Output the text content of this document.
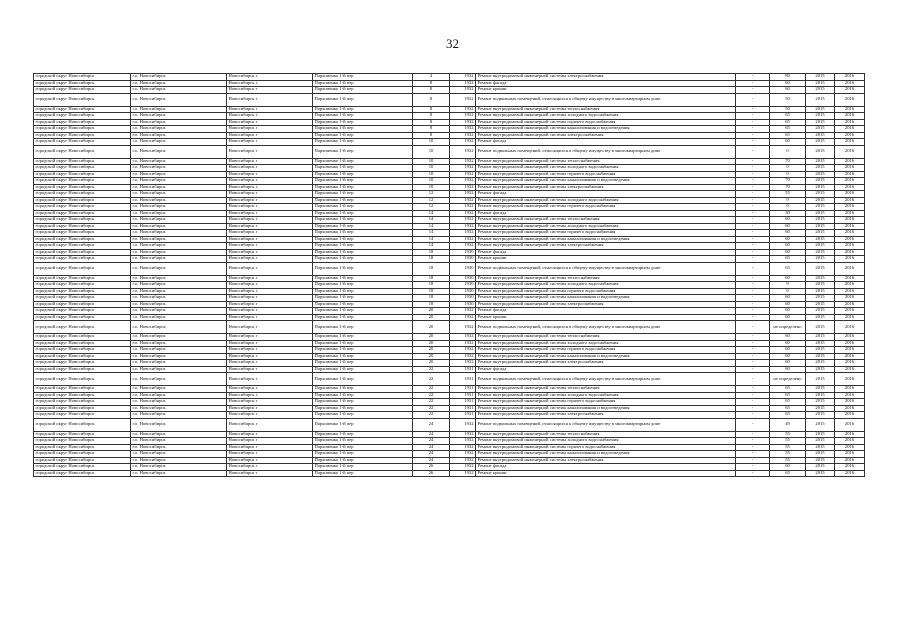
32
городской округ Новосибирск	г.о. Новосибирск	Новосибирск г	Пархоменко 1-й пер	4	1932	Ремонт внутридомовой инженерной системы электроснабжения	-	80	2015	2016
городской округ Новосибирск	г.о. Новосибирск	Новосибирск г	Пархоменко 1-й пер	8	1932	Ремонт фасада	-	60	2015	2016
городской округ Новосибирск	г.о. Новосибирск	Новосибирск г	Пархоменко 1-й пер	8	1932	Ремонт крыши	-	60	2015	2016
городской округ Новосибирск	г.о. Новосибирск	Новосибирск г	Пархоменко 1-й пер	8	1932	Ремонт подвальных помещений, относящихся к общему имуществу в многоквартирном доме	-	50	2015	2016
городской округ Новосибирск	г.о. Новосибирск	Новосибирск г	Пархоменко 1-й пер	8	1932	Ремонт внутридомовой инженерной системы теплоснабжения	-	50	2015	2016
городской округ Новосибирск	г.о. Новосибирск	Новосибирск г	Пархоменко 1-й пер	8	1932	Ремонт внутридомовой инженерной системы холодного водоснабжения	-	65	2015	2016
городской округ Новосибирск	г.о. Новосибирск	Новосибирск г	Пархоменко 1-й пер	8	1932	Ремонт внутридомовой инженерной системы горячего водоснабжения	-	65	2015	2016
городской округ Новосибирск	г.о. Новосибирск	Новосибирск г	Пархоменко 1-й пер	8	1932	Ремонт внутридомовой инженерной системы канализования и водоотведения	-	65	2015	2016
городской округ Новосибирск	г.о. Новосибирск	Новосибирск г	Пархоменко 1-й пер	8	1932	Ремонт внутридомовой инженерной системы электроснабжения	-	65	2015	2016
городской округ Новосибирск	г.о. Новосибирск	Новосибирск г	Пархоменко 1-й пер	10	1932	Ремонт фасада	-	60	2015	2016
городской округ Новосибирск	г.о. Новосибирск	Новосибирск г	Пархоменко 1-й пер	10	1932	Ремонт подвальных помещений, относящихся к общему имуществу в многоквартирном доме	-	0	2015	2016
городской округ Новосибирск	г.о. Новосибирск	Новосибирск г	Пархоменко 1-й пер	10	1932	Ремонт внутридомовой инженерной системы теплоснабжения	-	70	2015	2016
городской округ Новосибирск	г.о. Новосибирск	Новосибирск г	Пархоменко 1-й пер	10	1932	Ремонт внутридомовой инженерной системы холодного водоснабжения	-	0	2015	2016
городской округ Новосибирск	г.о. Новосибирск	Новосибирск г	Пархоменко 1-й пер	10	1932	Ремонт внутридомовой инженерной системы горячего водоснабжения	-	0	2015	2016
городской округ Новосибирск	г.о. Новосибирск	Новосибирск г	Пархоменко 1-й пер	10	1932	Ремонт внутридомовой инженерной системы канализования и водоотведения	-	70	2015	2016
городской округ Новосибирск	г.о. Новосибирск	Новосибирск г	Пархоменко 1-й пер	10	1932	Ремонт внутридомовой инженерной системы электроснабжения	-	70	2015	2016
городской округ Новосибирск	г.о. Новосибирск	Новосибирск г	Пархоменко 1-й пер	12	1932	Ремонт фасада	-	55	2015	2016
городской округ Новосибирск	г.о. Новосибирск	Новосибирск г	Пархоменко 1-й пер	12	1932	Ремонт внутридомовой инженерной системы холодного водоснабжения	-	9	2015	2016
городской округ Новосибирск	г.о. Новосибирск	Новосибирск г	Пархоменко 1-й пер	12	1932	Ремонт внутридомовой инженерной системы горячего водоснабжения	-	0	2015	2016
городской округ Новосибирск	г.о. Новосибирск	Новосибирск г	Пархоменко 1-й пер	14	1932	Ремонт фасада	-	30	2015	2016
городской округ Новосибирск	г.о. Новосибирск	Новосибирск г	Пархоменко 1-й пер	14	1932	Ремонт внутридомовой инженерной системы теплоснабжения	-	60	2015	2016
городской округ Новосибирск	г.о. Новосибирск	Новосибирск г	Пархоменко 1-й пер	14	1932	Ремонт внутридомовой инженерной системы холодного водоснабжения	-	60	2015	2016
городской округ Новосибирск	г.о. Новосибирск	Новосибирск г	Пархоменко 1-й пер	14	1932	Ремонт внутридомовой инженерной системы горячего водоснабжения	-	60	2015	2016
городской округ Новосибирск	г.о. Новосибирск	Новосибирск г	Пархоменко 1-й пер	14	1932	Ремонт внутридомовой инженерной системы канализования и водоотведения	-	60	2015	2016
городской округ Новосибирск	г.о. Новосибирск	Новосибирск г	Пархоменко 1-й пер	14	1932	Ремонт внутридомовой инженерной системы электроснабжения	-	60	2015	2016
городской округ Новосибирск	г.о. Новосибирск	Новосибирск г	Пархоменко 1-й пер	18	1930	Ремонт фасада	-	60	2015	2016
городской округ Новосибирск	г.о. Новосибирск	Новосибирск г	Пархоменко 1-й пер	18	1930	Ремонт крыши	-	65	2015	2016
городской округ Новосибирск	г.о. Новосибирск	Новосибирск г	Пархоменко 1-й пер	18	1930	Ремонт подвальных помещений, относящихся к общему имуществу в многоквартирном доме	-	65	2015	2016
городской округ Новосибирск	г.о. Новосибирск	Новосибирск г	Пархоменко 1-й пер	18	1930	Ремонт внутридомовой инженерной системы теплоснабжения	-	60	2015	2016
городской округ Новосибирск	г.о. Новосибирск	Новосибирск г	Пархоменко 1-й пер	18	1930	Ремонт внутридомовой инженерной системы холодного водоснабжения	-	9	2015	2016
городской округ Новосибирск	г.о. Новосибирск	Новосибирск г	Пархоменко 1-й пер	18	1930	Ремонт внутридомовой инженерной системы горячего водоснабжения	-	0	2015	2016
городской округ Новосибирск	г.о. Новосибирск	Новосибирск г	Пархоменко 1-й пер	18	1930	Ремонт внутридомовой инженерной системы канализования и водоотведения	-	60	2015	2016
городской округ Новосибирск	г.о. Новосибирск	Новосибирск г	Пархоменко 1-й пер	18	1930	Ремонт внутридомовой инженерной системы электроснабжения	-	60	2015	2016
городской округ Новосибирск	г.о. Новосибирск	Новосибирск г	Пархоменко 1-й пер	20	1932	Ремонт фасада	-	60	2015	2016
городской округ Новосибирск	г.о. Новосибирск	Новосибирск г	Пархоменко 1-й пер	20	1932	Ремонт крыши	-	60	2015	2016
городской округ Новосибирск	г.о. Новосибирск	Новосибирск г	Пархоменко 1-й пер	20	1932	Ремонт подвальных помещений, относящихся к общему имуществу в многоквартирном доме	-	не определено	2015	2016
городской округ Новосибирск	г.о. Новосибирск	Новосибирск г	Пархоменко 1-й пер	20	1932	Ремонт внутридомовой инженерной системы теплоснабжения	-	60	2015	2016
городской округ Новосибирск	г.о. Новосибирск	Новосибирск г	Пархоменко 1-й пер	20	1932	Ремонт внутридомовой инженерной системы холодного водоснабжения	-	60	2015	2016
городской округ Новосибирск	г.о. Новосибирск	Новосибирск г	Пархоменко 1-й пер	20	1932	Ремонт внутридомовой инженерной системы горячего водоснабжения	-	60	2015	2016
городской округ Новосибирск	г.о. Новосибирск	Новосибирск г	Пархоменко 1-й пер	20	1932	Ремонт внутридомовой инженерной системы канализования и водоотведения	-	60	2015	2016
городской округ Новосибирск	г.о. Новосибирск	Новосибирск г	Пархоменко 1-й пер	20	1932	Ремонт внутридомовой инженерной системы электроснабжения	-	60	2015	2016
городской округ Новосибирск	г.о. Новосибирск	Новосибирск г	Пархоменко 1-й пер	22	1931	Ремонт фасада	-	60	2015	2016
городской округ Новосибирск	г.о. Новосибирск	Новосибирск г	Пархоменко 1-й пер	22	1931	Ремонт подвальных помещений, относящихся к общему имуществу в многоквартирном доме	-	не определено	2015	2016
городской округ Новосибирск	г.о. Новосибирск	Новосибирск г	Пархоменко 1-й пер	22	1931	Ремонт внутридомовой инженерной системы теплоснабжения	-	65	2015	2016
городской округ Новосибирск	г.о. Новосибирск	Новосибирск г	Пархоменко 1-й пер	22	1931	Ремонт внутридомовой инженерной системы холодного водоснабжения	-	65	2015	2016
городской округ Новосибирск	г.о. Новосибирск	Новосибирск г	Пархоменко 1-й пер	22	1931	Ремонт внутридомовой инженерной системы горячего водоснабжения	-	65	2015	2016
городской округ Новосибирск	г.о. Новосибирск	Новосибирск г	Пархоменко 1-й пер	22	1931	Ремонт внутридомовой инженерной системы канализования и водоотведения	-	65	2015	2016
городской округ Новосибирск	г.о. Новосибирск	Новосибирск г	Пархоменко 1-й пер	22	1931	Ремонт внутридомовой инженерной системы электроснабжения	-	65	2015	2016
городской округ Новосибирск	г.о. Новосибирск	Новосибирск г	Пархоменко 1-й пер	24	1932	Ремонт подвальных помещений, относящихся к общему имуществу в многоквартирном доме	-	49	2015	2016
городской округ Новосибирск	г.о. Новосибирск	Новосибирск г	Пархоменко 1-й пер	24	1932	Ремонт внутридомовой инженерной системы теплоснабжения	-	55	2015	2016
городской округ Новосибирск	г.о. Новосибирск	Новосибирск г	Пархоменко 1-й пер	24	1932	Ремонт внутридомовой инженерной системы холодного водоснабжения	-	55	2015	2016
городской округ Новосибирск	г.о. Новосибирск	Новосибирск г	Пархоменко 1-й пер	24	1932	Ремонт внутридомовой инженерной системы горячего водоснабжения	-	55	2015	2016
городской округ Новосибирск	г.о. Новосибирск	Новосибирск г	Пархоменко 1-й пер	24	1932	Ремонт внутридомовой инженерной системы канализования и водоотведения	-	55	2015	2016
городской округ Новосибирск	г.о. Новосибирск	Новосибирск г	Пархоменко 1-й пер	24	1932	Ремонт внутридомовой инженерной системы электроснабжения	-	55	2015	2016
городской округ Новосибирск	г.о. Новосибирск	Новосибирск г	Пархоменко 1-й пер	26	1932	Ремонт фасада	-	60	2015	2016
городской округ Новосибирск	г.о. Новосибирск	Новосибирск г	Пархоменко 1-й пер	26	1932	Ремонт крыши	-	65	2015	2016
